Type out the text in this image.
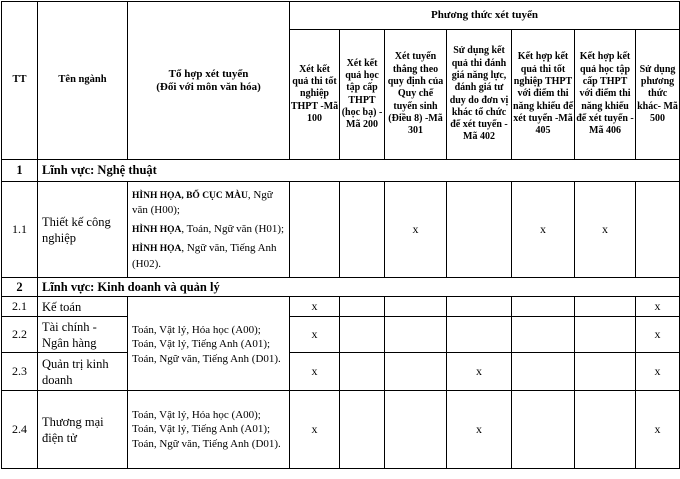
TT	Tên ngành	Tổ hợp xét tuyển
(Đối với môn văn hóa)	Phương thức xét tuyển						
			Xét kết quả thi tốt nghiệp THPT -Mã 100	Xét kết quả học tập cấp THPT (học bạ) -Mã 200	Xét tuyển thẳng theo quy định của Quy chế tuyển sinh (Điều 8) -Mã 301	Sử dụng kết quả thi đánh giá năng lực, đánh giá tư duy do đơn vị khác tổ chức để xét tuyển -Mã 402	Kết hợp kết quả thi tốt nghiệp THPT với điểm thi năng khiếu để xét tuyển -Mã 405	Kết hợp kết quả học tập cấp THPT với điểm thi năng khiếu để xét tuyển -Mã 406	Sử dụng phương thức khác- Mã 500
1	Lĩnh vực: Nghệ thuật								
1.1	Thiết kế công nghiệp	HÌNH HỌA, BỐ CỤC MÀU, Ngữ văn (H00);
HÌNH HỌA, Toán, Ngữ văn (H01);
HÌNH HỌA, Ngữ văn, Tiếng Anh (H02).			x		x	x	
2	Lĩnh vực: Kinh doanh và quản lý								
2.1	Kế toán	Toán, Vật lý, Hóa học (A00);
Toán, Vật lý, Tiếng Anh (A01);
Toán, Ngữ văn, Tiếng Anh (D01).	x						x
2.2	Tài chính - Ngân hàng		x						x
2.3	Quản trị kinh doanh		x			x			x
2.4	Thương mại điện tử	Toán, Vật lý, Hóa học (A00);
Toán, Vật lý, Tiếng Anh (A01);
Toán, Ngữ văn, Tiếng Anh (D01).	x			x			x
